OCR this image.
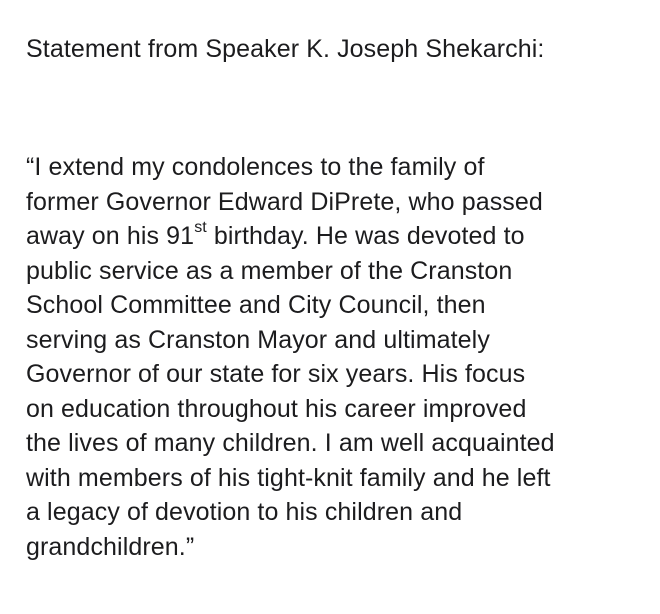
Statement from Speaker K. Joseph Shekarchi:
“I extend my condolences to the family of
former Governor Edward DiPrete, who passed
away on his 91st birthday. He was devoted to
public service as a member of the Cranston
School Committee and City Council, then
serving as Cranston Mayor and ultimately
Governor of our state for six years. His focus
on education throughout his career improved
the lives of many children. I am well acquainted
with members of his tight-knit family and he left
a legacy of devotion to his children and
grandchildren.”
